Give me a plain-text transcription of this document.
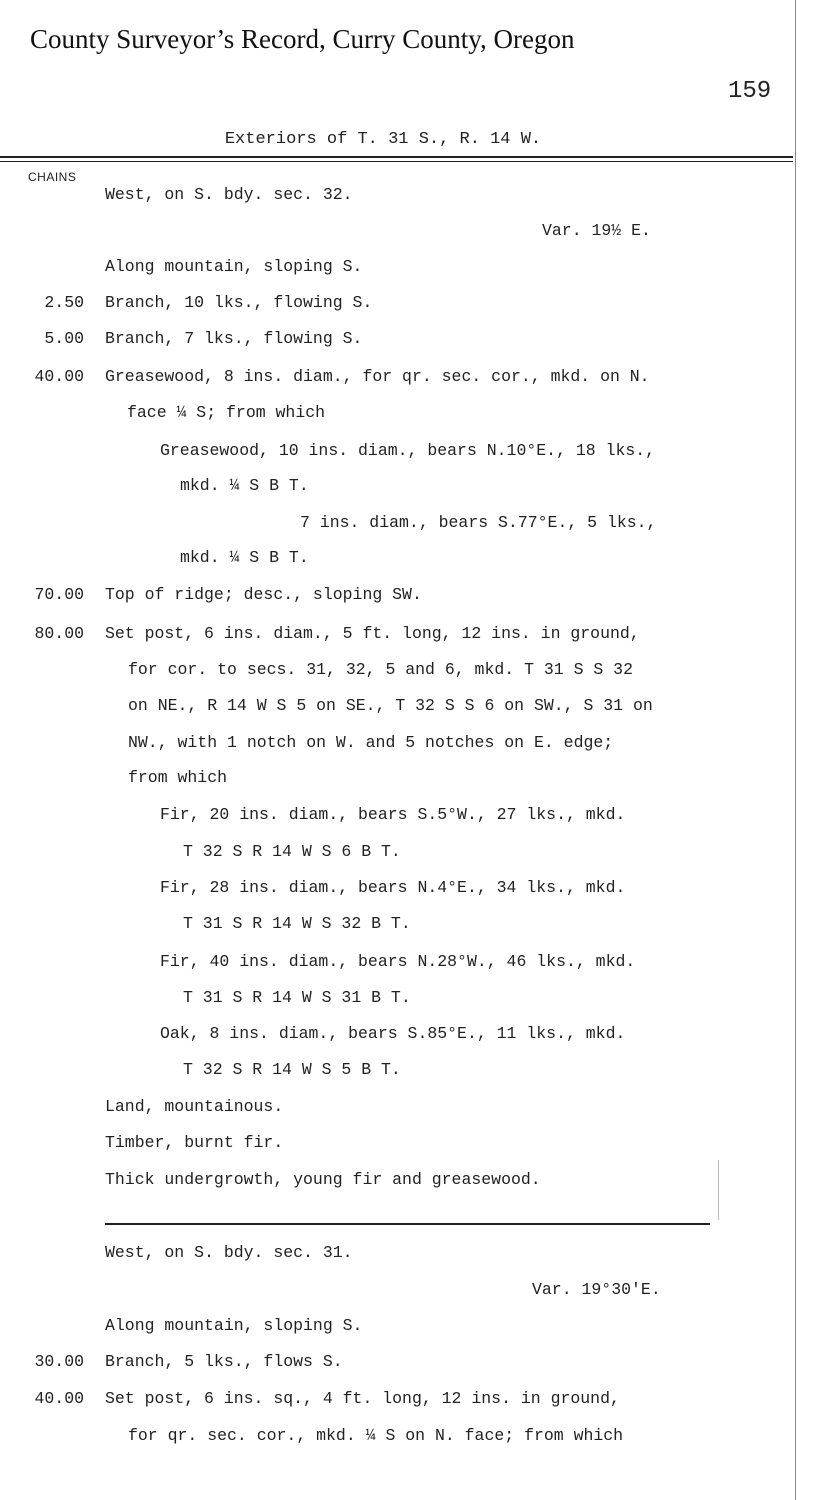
County Surveyor’s Record, Curry County, Oregon
159
Exteriors of T. 31 S., R. 14 W.
CHAINS
West, on S. bdy. sec. 32.
Var. 19½ E.
Along mountain, sloping S.
2.50 Branch, 10 lks., flowing S.
5.00 Branch, 7 lks., flowing S.
40.00 Greasewood, 8 ins. diam., for qr. sec. cor., mkd. on N.
face ¼ S; from which
Greasewood, 10 ins. diam., bears N.10°E., 18 lks.,
mkd. ¼ S B T.
7 ins. diam., bears S.77°E., 5 lks.,
mkd. ¼ S B T.
70.00 Top of ridge; desc., sloping SW.
80.00 Set post, 6 ins. diam., 5 ft. long, 12 ins. in ground,
for cor. to secs. 31, 32, 5 and 6, mkd. T 31 S S 32
on NE., R 14 W S 5 on SE., T 32 S S 6 on SW., S 31 on
NW., with 1 notch on W. and 5 notches on E. edge;
from which
Fir, 20 ins. diam., bears S.5°W., 27 lks., mkd.
T 32 S R 14 W S 6 B T.
Fir, 28 ins. diam., bears N.4°E., 34 lks., mkd.
T 31 S R 14 W S 32 B T.
Fir, 40 ins. diam., bears N.28°W., 46 lks., mkd.
T 31 S R 14 W S 31 B T.
Oak, 8 ins. diam., bears S.85°E., 11 lks., mkd.
T 32 S R 14 W S 5 B T.
Land, mountainous.
Timber, burnt fir.
Thick undergrowth, young fir and greasewood.
West, on S. bdy. sec. 31.
Var. 19°30'E.
Along mountain, sloping S.
30.00 Branch, 5 lks., flows S.
40.00 Set post, 6 ins. sq., 4 ft. long, 12 ins. in ground,
for qr. sec. cor., mkd. ¼ S on N. face; from which
